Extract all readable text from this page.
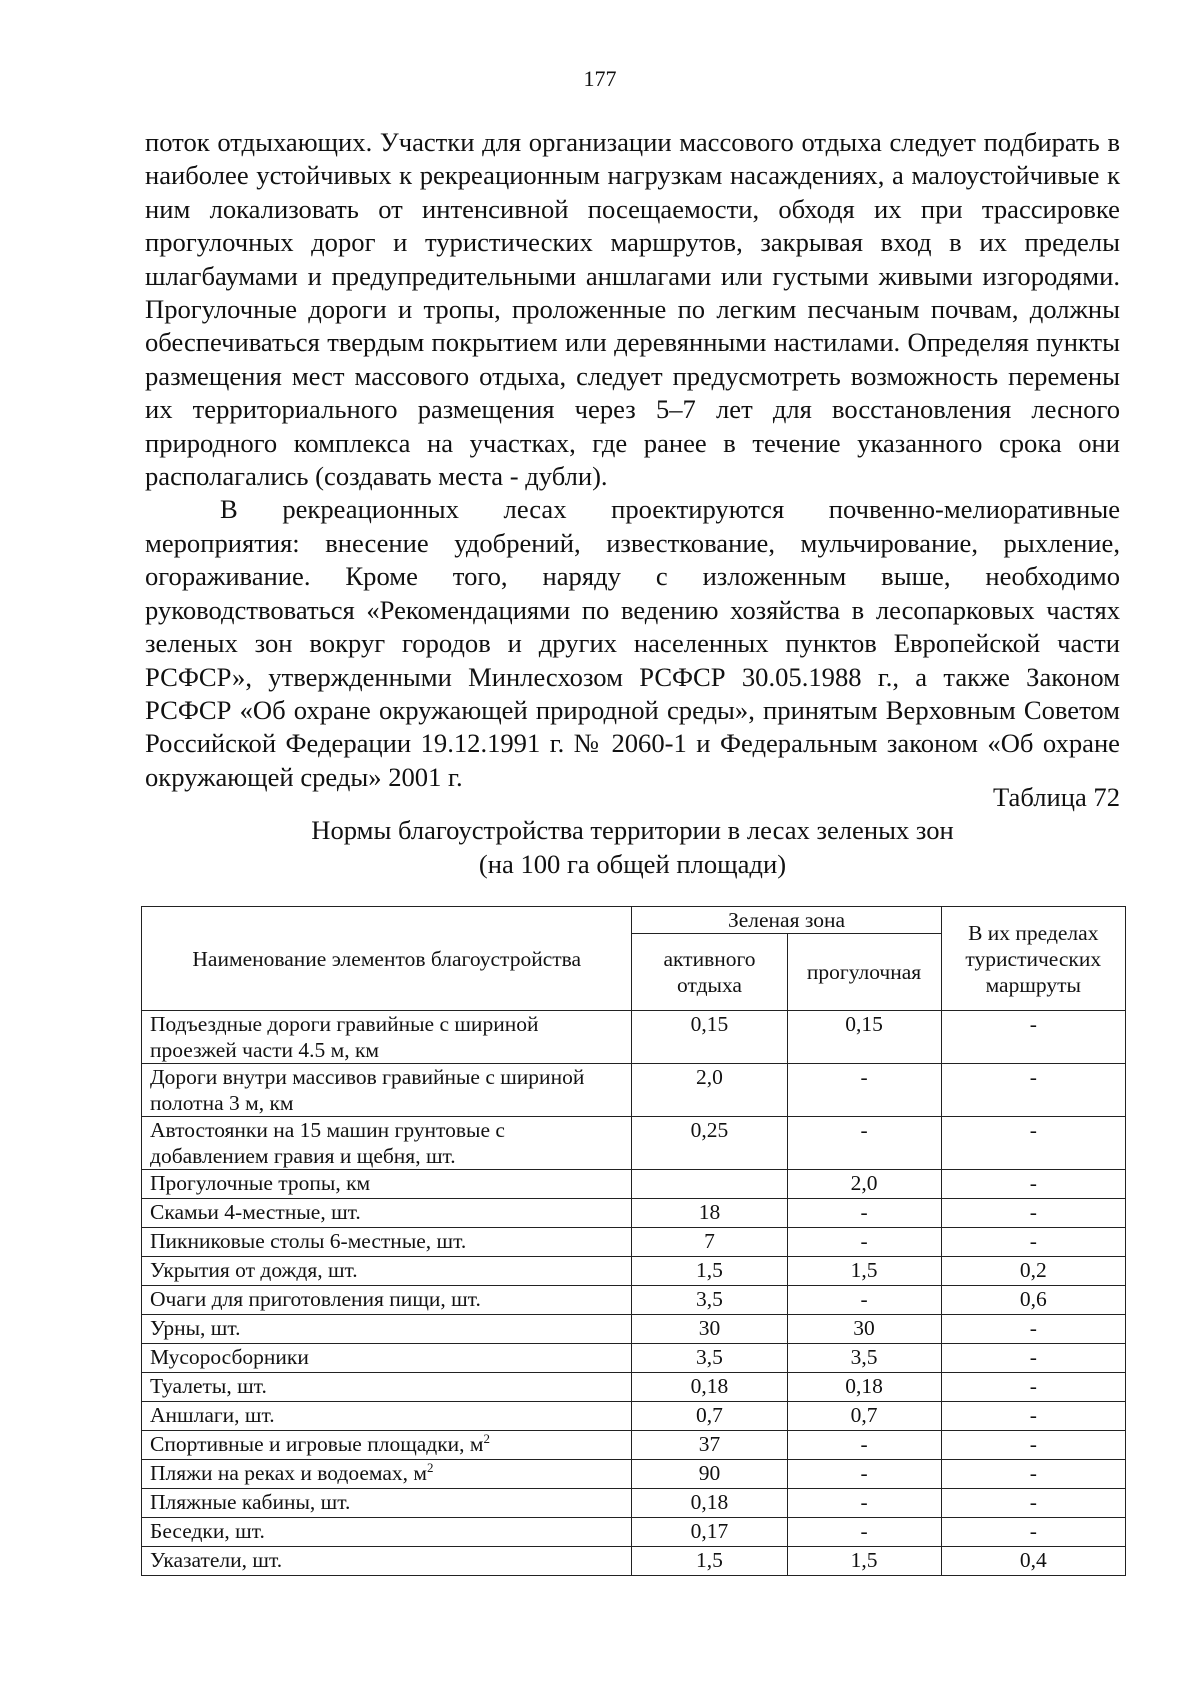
177

поток отдыхающих. Участки для организации массового отдыха следует подбирать в наиболее устойчивых к рекреационным нагрузкам насаждениях, а малоустойчивые к ним локализовать от интенсивной посещаемости, обходя их при трассировке прогулочных дорог и туристических маршрутов, закрывая вход в их пределы шлагбаумами и предупредительными аншлагами или густыми живыми изгородями. Прогулочные дороги и тропы, проложенные по легким песчаным почвам, должны обеспечиваться твердым покрытием или деревянными настилами. Определяя пункты размещения мест массового отдыха, следует предусмотреть возможность перемены их территориального размещения через 5–7 лет для восстановления лесного природного комплекса на участках, где ранее в течение указанного срока они располагались (создавать места - дубли).

В рекреационных лесах проектируются почвенно-мелиоративные мероприятия: внесение удобрений, известкование, мульчирование, рыхление, огораживание. Кроме того, наряду с изложенным выше, необходимо руководствоваться «Рекомендациями по ведению хозяйства в лесопарковых частях зеленых зон вокруг городов и других населенных пунктов Европейской части РСФСР», утвержденными Минлесхозом РСФСР 30.05.1988 г., а также Законом РСФСР «Об охране окружающей природной среды», принятым Верховным Советом Российской Федерации 19.12.1991 г. № 2060-1 и Федеральным законом «Об охране окружающей среды» 2001 г.

Таблица 72
Нормы благоустройства территории в лесах зеленых зон
(на 100 га общей площади)
Наименование элементов благоустройства	Зеленая зона		В их пределах туристических маршруты
	активного отдыха	прогулочная	
Подъездные дороги гравийные с шириной проезжей части 4.5 м, км	0,15	0,15	-
Дороги внутри массивов гравийные с шириной полотна 3 м, км	2,0	-	-
Автостоянки на 15 машин грунтовые с добавлением гравия и щебня, шт.	0,25	-	-
Прогулочные тропы, км		2,0	-
Скамьи 4-местные, шт.	18	-	-
Пикниковые столы 6-местные, шт.	7	-	-
Укрытия от дождя, шт.	1,5	1,5	0,2
Очаги для приготовления пищи, шт.	3,5	-	0,6
Урны, шт.	30	30	-
Мусоросборники	3,5	3,5	-
Туалеты, шт.	0,18	0,18	-
Аншлаги, шт.	0,7	0,7	-
Спортивные и игровые площадки, $м^2$	37	-	-
Пляжи на реках и водоемах, $м^2$	90	-	-
Пляжные кабины, шт.	0,18	-	-
Беседки, шт.	0,17	-	-
Указатели, шт.	1,5	1,5	0,4
